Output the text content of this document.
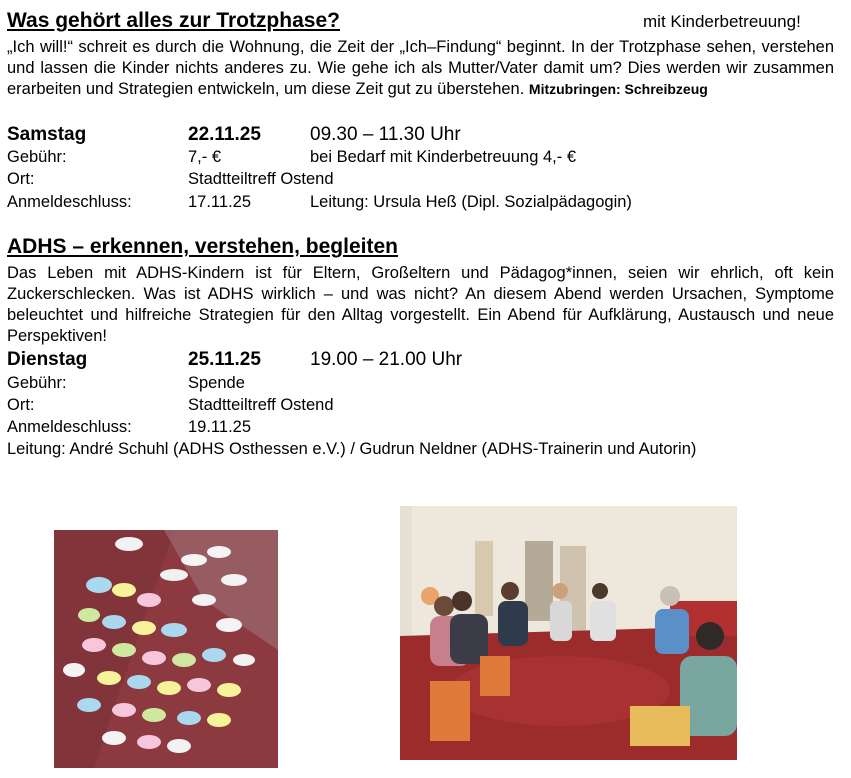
Was gehört alles zur Trotzphase?	mit Kinderbetreuung!

„Ich will!“ schreit es durch die Wohnung, die Zeit der „Ich–Findung“ beginnt. In der Trotzphase sehen, verstehen und lassen die Kinder nichts anderes zu. Wie gehe ich als Mutter/Vater damit um? Dies werden wir zusammen erarbeiten und Strategien entwickeln, um diese Zeit gut zu überstehen. Mitzubringen: Schreibzeug

Samstag	22.11.25	09.30 – 11.30 Uhr
Gebühr:	7,- €	bei Bedarf mit Kinderbetreuung 4,- €
Ort:	Stadtteiltreff Ostend
Anmeldeschluss:	17.11.25	Leitung: Ursula Heß (Dipl. Sozialpädagogin)
ADHS – erkennen, verstehen, begleiten

Das Leben mit ADHS-Kindern ist für Eltern, Großeltern und Pädagog*innen, seien wir ehrlich, oft kein Zuckerschlecken. Was ist ADHS wirklich – und was nicht? An diesem Abend werden Ursachen, Symptome beleuchtet und hilfreiche Strategien für den Alltag vorgestellt. Ein Abend für Aufklärung, Austausch und neue Perspektiven!

Dienstag	25.11.25	19.00 – 21.00 Uhr
Gebühr:	Spende
Ort:	Stadtteiltreff Ostend
Anmeldeschluss:	19.11.25
Leitung: André Schuhl (ADHS Osthessen e.V.) / Gudrun Neldner (ADHS-Trainerin und Autorin)
